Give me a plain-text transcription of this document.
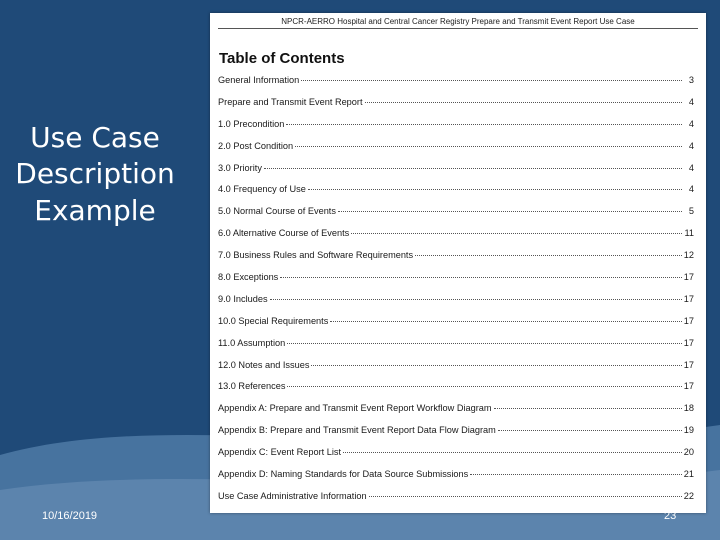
Use Case
Description
Example
NPCR-AERRO Hospital and Central Cancer Registry Prepare and Transmit Event Report Use Case
Table of Contents
General Information	3
Prepare and Transmit Event Report	4
1.0 Precondition	4
2.0 Post Condition	4
3.0 Priority	4
4.0 Frequency of Use	4
5.0 Normal Course of Events	5
6.0 Alternative Course of Events	11
7.0 Business Rules and Software Requirements	12
8.0 Exceptions	17
9.0 Includes	17
10.0 Special Requirements	17
11.0 Assumption	17
12.0 Notes and Issues	17
13.0 References	17
Appendix A: Prepare and Transmit Event Report Workflow Diagram	18
Appendix B: Prepare and Transmit Event Report Data Flow Diagram	19
Appendix C: Event Report List	20
Appendix D: Naming Standards for Data Source Submissions	21
Use Case Administrative Information	22
10/16/2019	23
